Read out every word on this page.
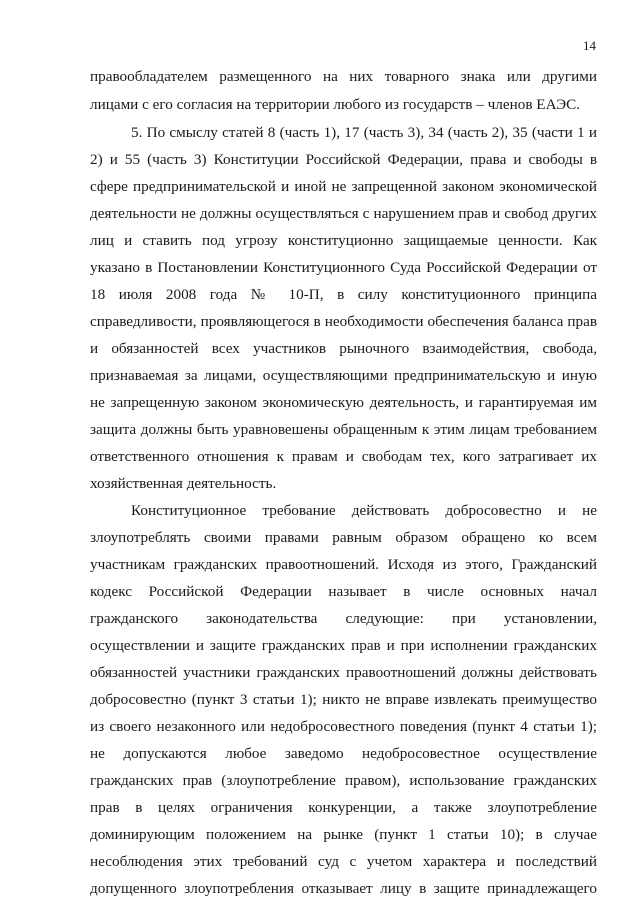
14
правообладателем размещенного на них товарного знака или другими
лицами с его согласия на территории любого из государств – членов ЕАЭС.
5. По смыслу статей 8 (часть 1), 17 (часть 3), 34 (часть 2), 35 (части 1 и
2) и 55 (часть 3) Конституции Российской Федерации, права и свободы в
сфере предпринимательской и иной не запрещенной законом экономической
деятельности не должны осуществляться с нарушением прав и свобод других
лиц и ставить под угрозу конституционно защищаемые ценности. Как
указано в Постановлении Конституционного Суда Российской Федерации от
18 июля 2008 года № 10-П, в силу конституционного принципа
справедливости, проявляющегося в необходимости обеспечения баланса прав
и обязанностей всех участников рыночного взаимодействия, свобода,
признаваемая за лицами, осуществляющими предпринимательскую и иную
не запрещенную законом экономическую деятельность, и гарантируемая им
защита должны быть уравновешены обращенным к этим лицам требованием
ответственного отношения к правам и свободам тех, кого затрагивает их
хозяйственная деятельность.
Конституционное требование действовать добросовестно и не
злоупотреблять своими правами равным образом обращено ко всем
участникам гражданских правоотношений. Исходя из этого, Гражданский
кодекс Российской Федерации называет в числе основных начал
гражданского законодательства следующие: при установлении,
осуществлении и защите гражданских прав и при исполнении гражданских
обязанностей участники гражданских правоотношений должны действовать
добросовестно (пункт 3 статьи 1); никто не вправе извлекать преимущество
из своего незаконного или недобросовестного поведения (пункт 4 статьи 1);
не допускаются любое заведомо недобросовестное осуществление
гражданских прав (злоупотребление правом), использование гражданских
прав в целях ограничения конкуренции, а также злоупотребление
доминирующим положением на рынке (пункт 1 статьи 10); в случае
несоблюдения этих требований суд с учетом характера и последствий
допущенного злоупотребления отказывает лицу в защите принадлежащего
